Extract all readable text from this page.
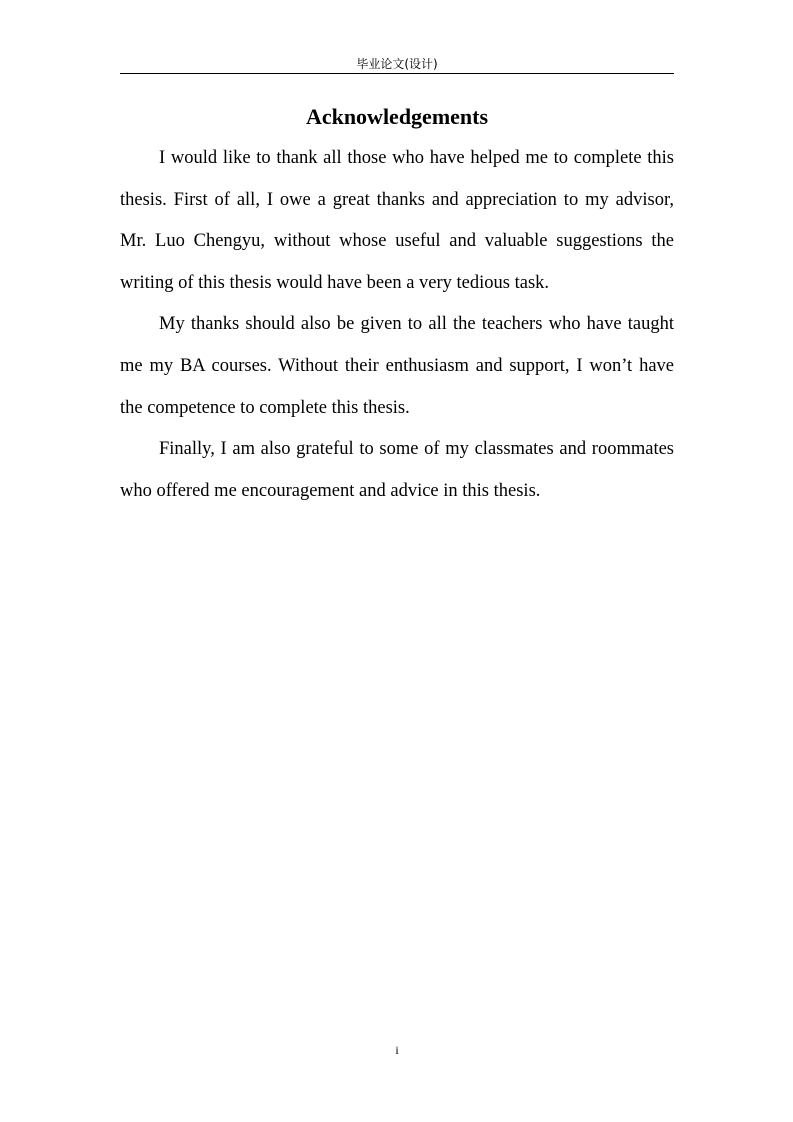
毕业论文(设计)
Acknowledgements

I would like to thank all those who have helped me to complete this thesis. First of all, I owe a great thanks and appreciation to my advisor, Mr. Luo Chengyu, without whose useful and valuable suggestions the writing of this thesis would have been a very tedious task.

My thanks should also be given to all the teachers who have taught me my BA courses. Without their enthusiasm and support, I won’t have the competence to complete this thesis.

Finally, I am also grateful to some of my classmates and roommates who offered me encouragement and advice in this thesis.

i
